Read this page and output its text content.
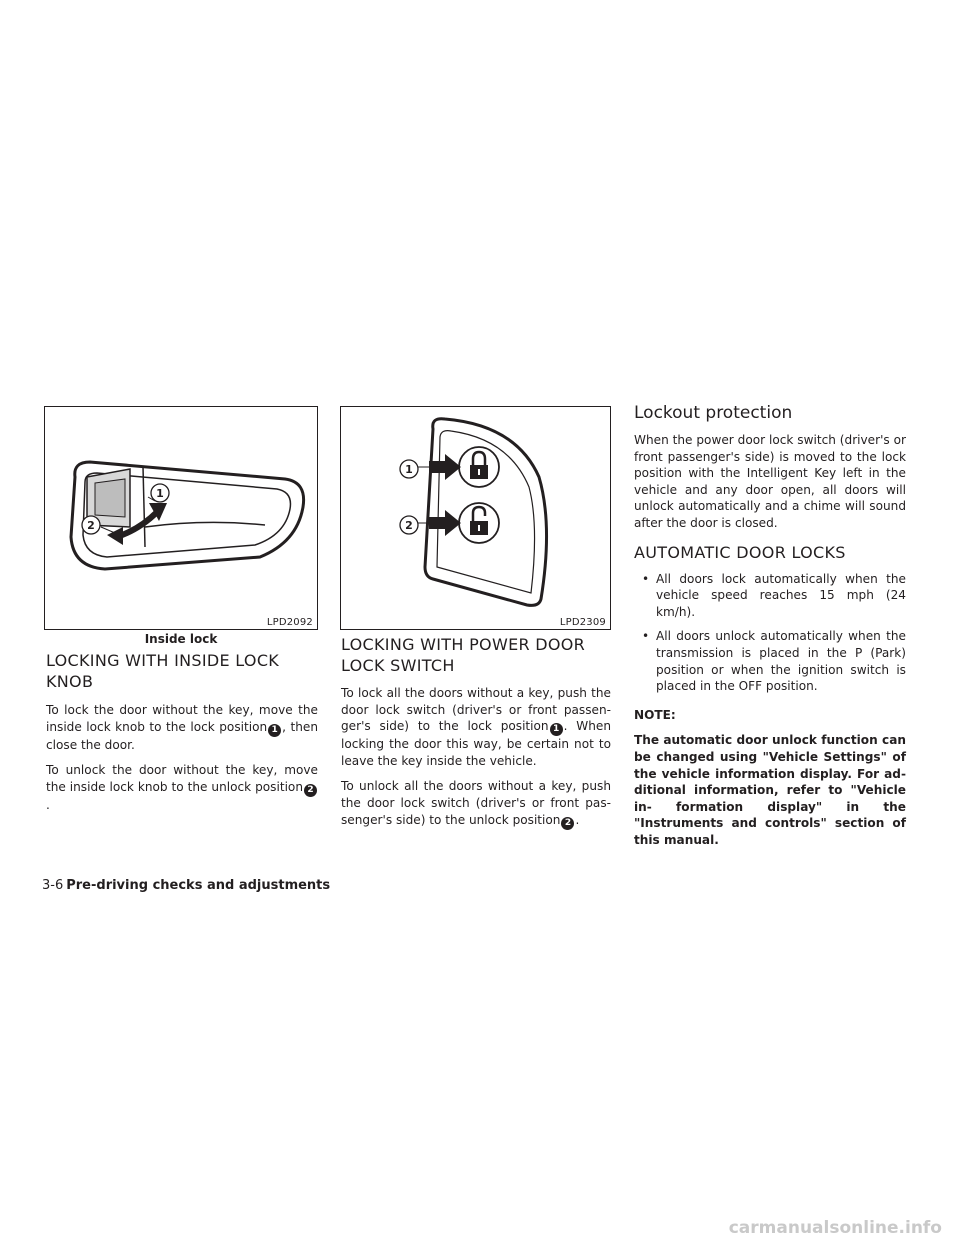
1
2
LPD2092
Inside lock
1
2
LPD2309
LOCKING WITH INSIDE LOCK KNOB

To lock the door without the key, move the inside lock knob to the lock position 1 , then close the door.

To unlock the door without the key, move the inside lock knob to the unlock position 2.

LOCKING WITH POWER DOOR LOCK SWITCH

To lock all the doors without a key, push the door lock switch (driver's or front passen- ger's side) to the lock position 1 . When locking the door this way, be certain not to leave the key inside the vehicle.

To unlock all the doors without a key, push the door lock switch (driver's or front pas- senger's side) to the unlock position 2 .

Lockout protection

When the power door lock switch (driver's or front passenger's side) is moved to the lock position with the Intelligent Key left in the vehicle and any door open, all doors will unlock automatically and a chime will sound after the door is closed.

AUTOMATIC DOOR LOCKS
• All doors lock automatically when the vehicle speed reaches 15 mph (24 km/h).
• All doors unlock automatically when the transmission is placed in the P (Park) position or when the ignition switch is placed in the OFF position.

NOTE:

The automatic door unlock function can be changed using "Vehicle Settings" of the vehicle information display. For ad- ditional information, refer to "Vehicle in- formation display" in the "Instruments and controls" section of this manual.

3-6 Pre-driving checks and adjustments
carmanualsonline.info
